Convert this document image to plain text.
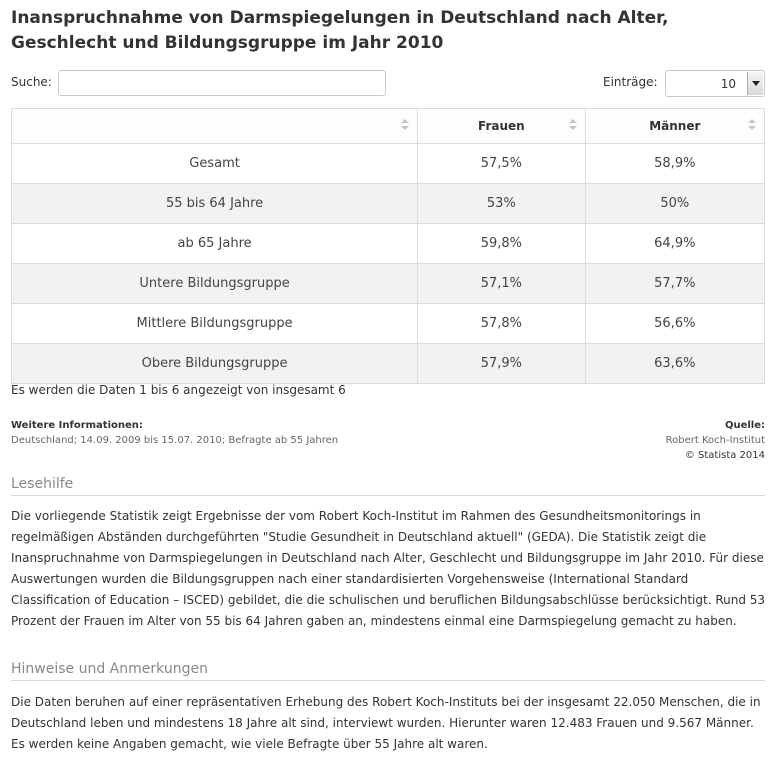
Inanspruchnahme von Darmspiegelungen in Deutschland nach Alter, Geschlecht und Bildungsgruppe im Jahr 2010
Suche:	Einträge:	10
	Frauen	Männer

Gesamt	57,5%	58,9%
55 bis 64 Jahre	53%	50%
ab 65 Jahre	59,8%	64,9%
Untere Bildungsgruppe	57,1%	57,7%
Mittlere Bildungsgruppe	57,8%	56,6%
Obere Bildungsgruppe	57,9%	63,6%
Es werden die Daten 1 bis 6 angezeigt von insgesamt 6
Weitere Informationen:
Deutschland; 14.09. 2009 bis 15.07. 2010; Befragte ab 55 Jahren
Quelle:
Robert Koch-Institut
© Statista 2014
Lesehilfe
Die vorliegende Statistik zeigt Ergebnisse der vom Robert Koch-Institut im Rahmen des Gesundheitsmonitorings in regelmäßigen Abständen durchgeführten "Studie Gesundheit in Deutschland aktuell" (GEDA). Die Statistik zeigt die Inanspruchnahme von Darmspiegelungen in Deutschland nach Alter, Geschlecht und Bildungsgruppe im Jahr 2010. Für diese Auswertungen wurden die Bildungsgruppen nach einer standardisierten Vorgehensweise (International Standard Classification of Education – ISCED) gebildet, die die schulischen und beruflichen Bildungsabschlüsse berücksichtigt. Rund 53 Prozent der Frauen im Alter von 55 bis 64 Jahren gaben an, mindestens einmal eine Darmspiegelung gemacht zu haben.
Hinweise und Anmerkungen
Die Daten beruhen auf einer repräsentativen Erhebung des Robert Koch-Instituts bei der insgesamt 22.050 Menschen, die in Deutschland leben und mindestens 18 Jahre alt sind, interviewt wurden. Hierunter waren 12.483 Frauen und 9.567 Männer. Es werden keine Angaben gemacht, wie viele Befragte über 55 Jahre alt waren.
